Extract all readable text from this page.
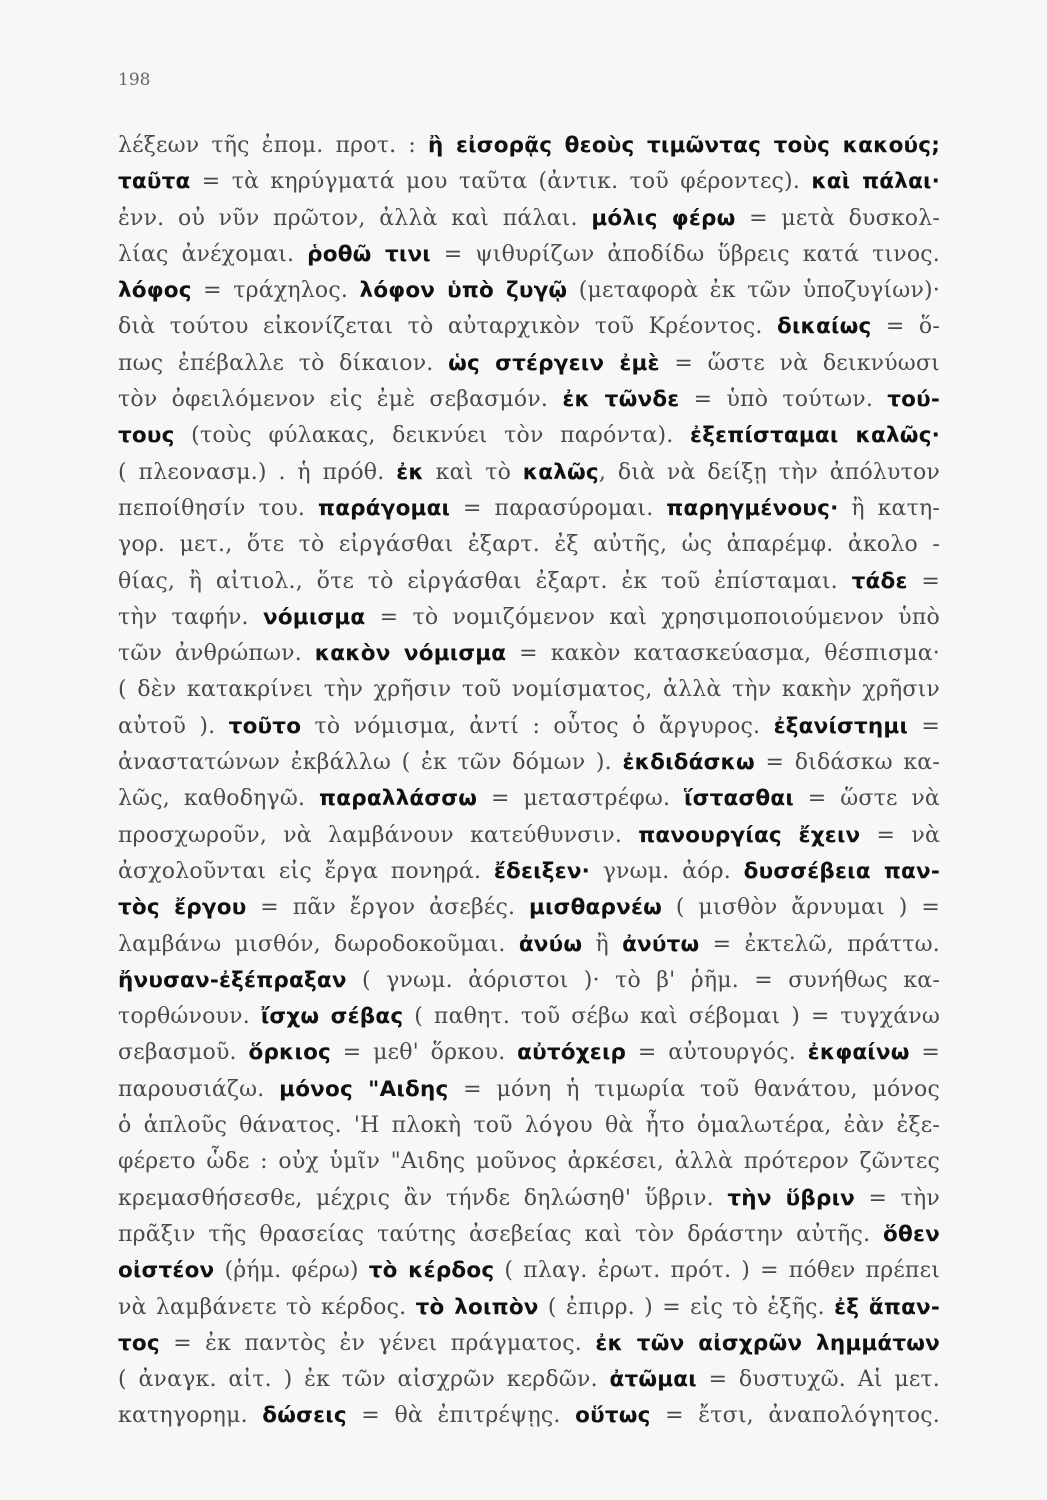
198
λέξεων τῆς ἐπομ. προτ. : ἢ εἰσορᾷς θεοὺς τιμῶντας τοὺς κακούς;
ταῦτα = τὰ κηρύγματά μου ταῦτα (ἀντικ. τοῦ φέροντες). καὶ πάλαι·
ἐνν. οὐ νῦν πρῶτον, ἀλλὰ καὶ πάλαι. μόλις φέρω = μετὰ δυσκολ-
λίας ἀνέχομαι. ῥοθῶ τινι = ψιθυρίζων ἀποδίδω ὕβρεις κατά τινος.
λόφος = τράχηλος. λόφον ὑπὸ ζυγῷ (μεταφορὰ ἐκ τῶν ὑποζυγίων)·
διὰ τούτου εἰκονίζεται τὸ αὐταρχικὸν τοῦ Κρέοντος. δικαίως = ὅ-
πως ἐπέβαλλε τὸ δίκαιον. ὡς στέργειν ἐμὲ = ὥστε νὰ δεικνύωσι
τὸν ὀφειλόμενον εἰς ἐμὲ σεβασμόν. ἐκ τῶνδε = ὑπὸ τούτων. τού-
τους (τοὺς φύλακας, δεικνύει τὸν παρόντα). ἐξεπίσταμαι καλῶς·
( πλεονασμ.) . ἡ πρόθ. ἐκ καὶ τὸ καλῶς, διὰ νὰ δείξῃ τὴν ἀπόλυτον
πεποίθησίν του. παράγομαι = παρασύρομαι. παρηγμένους· ἢ κατη-
γορ. μετ., ὅτε τὸ εἰργάσθαι ἐξαρτ. ἐξ αὐτῆς, ὡς ἀπαρέμφ. ἀκολο -
θίας, ἢ αἰτιολ., ὅτε τὸ εἰργάσθαι ἐξαρτ. ἐκ τοῦ ἐπίσταμαι. τάδε =
τὴν ταφήν. νόμισμα = τὸ νομιζόμενον καὶ χρησιμοποιούμενον ὑπὸ
τῶν ἀνθρώπων. κακὸν νόμισμα = κακὸν κατασκεύασμα, θέσπισμα·
( δὲν κατακρίνει τὴν χρῆσιν τοῦ νομίσματος, ἀλλὰ τὴν κακὴν χρῆσιν
αὐτοῦ ). τοῦτο τὸ νόμισμα, ἀντί : οὗτος ὁ ἄργυρος. ἐξανίστημι =
ἀναστατώνων ἐκβάλλω ( ἐκ τῶν δόμων ). ἐκδιδάσκω = διδάσκω κα-
λῶς, καθοδηγῶ. παραλλάσσω = μεταστρέφω. ἵστασθαι = ὥστε νὰ
προσχωροῦν, νὰ λαμβάνουν κατεύθυνσιν. πανουργίας ἔχειν = νὰ
ἀσχολοῦνται εἰς ἔργα πονηρά. ἔδειξεν· γνωμ. ἀόρ. δυσσέβεια παν-
τὸς ἔργου = πᾶν ἔργον ἀσεβές. μισθαρνέω ( μισθὸν ἄρνυμαι ) =
λαμβάνω μισθόν, δωροδοκοῦμαι. ἀνύω ἢ ἀνύτω = ἐκτελῶ, πράττω.
ἤνυσαν-ἐξέπραξαν ( γνωμ. ἀόριστοι )· τὸ β' ῥῆμ. = συνήθως κα-
τορθώνουν. ἴσχω σέβας ( παθητ. τοῦ σέβω καὶ σέβομαι ) = τυγχάνω
σεβασμοῦ. ὅρκιος = μεθ' ὅρκου. αὐτόχειρ = αὐτουργός. ἐκφαίνω =
παρουσιάζω. μόνος "Αιδης = μόνη ἡ τιμωρία τοῦ θανάτου, μόνος
ὁ ἁπλοῦς θάνατος. 'Η πλοκὴ τοῦ λόγου θὰ ἦτο ὁμαλωτέρα, ἐὰν ἐξε-
φέρετο ὧδε : οὐχ ὑμῖν "Αιδης μοῦνος ἀρκέσει, ἀλλὰ πρότερον ζῶντες
κρεμασθήσεσθε, μέχρις ἂν τήνδε δηλώσηθ' ὕβριν. τὴν ὕβριν = τὴν
πρᾶξιν τῆς θρασείας ταύτης ἀσεβείας καὶ τὸν δράστην αὐτῆς. ὅθεν
οἰστέον (ῥήμ. φέρω) τὸ κέρδος ( πλαγ. ἐρωτ. πρότ. ) = πόθεν πρέπει
νὰ λαμβάνετε τὸ κέρδος. τὸ λοιπὸν ( ἐπιρρ. ) = εἰς τὸ ἑξῆς. ἐξ ἅπαν-
τος = ἐκ παντὸς ἐν γένει πράγματος. ἐκ τῶν αἰσχρῶν λημμάτων
( ἀναγκ. αἰτ. ) ἐκ τῶν αἰσχρῶν κερδῶν. ἀτῶμαι = δυστυχῶ. Αἱ μετ.
κατηγορημ. δώσεις = θὰ ἐπιτρέψῃς. οὕτως = ἔτσι, ἀναπολόγητος.
